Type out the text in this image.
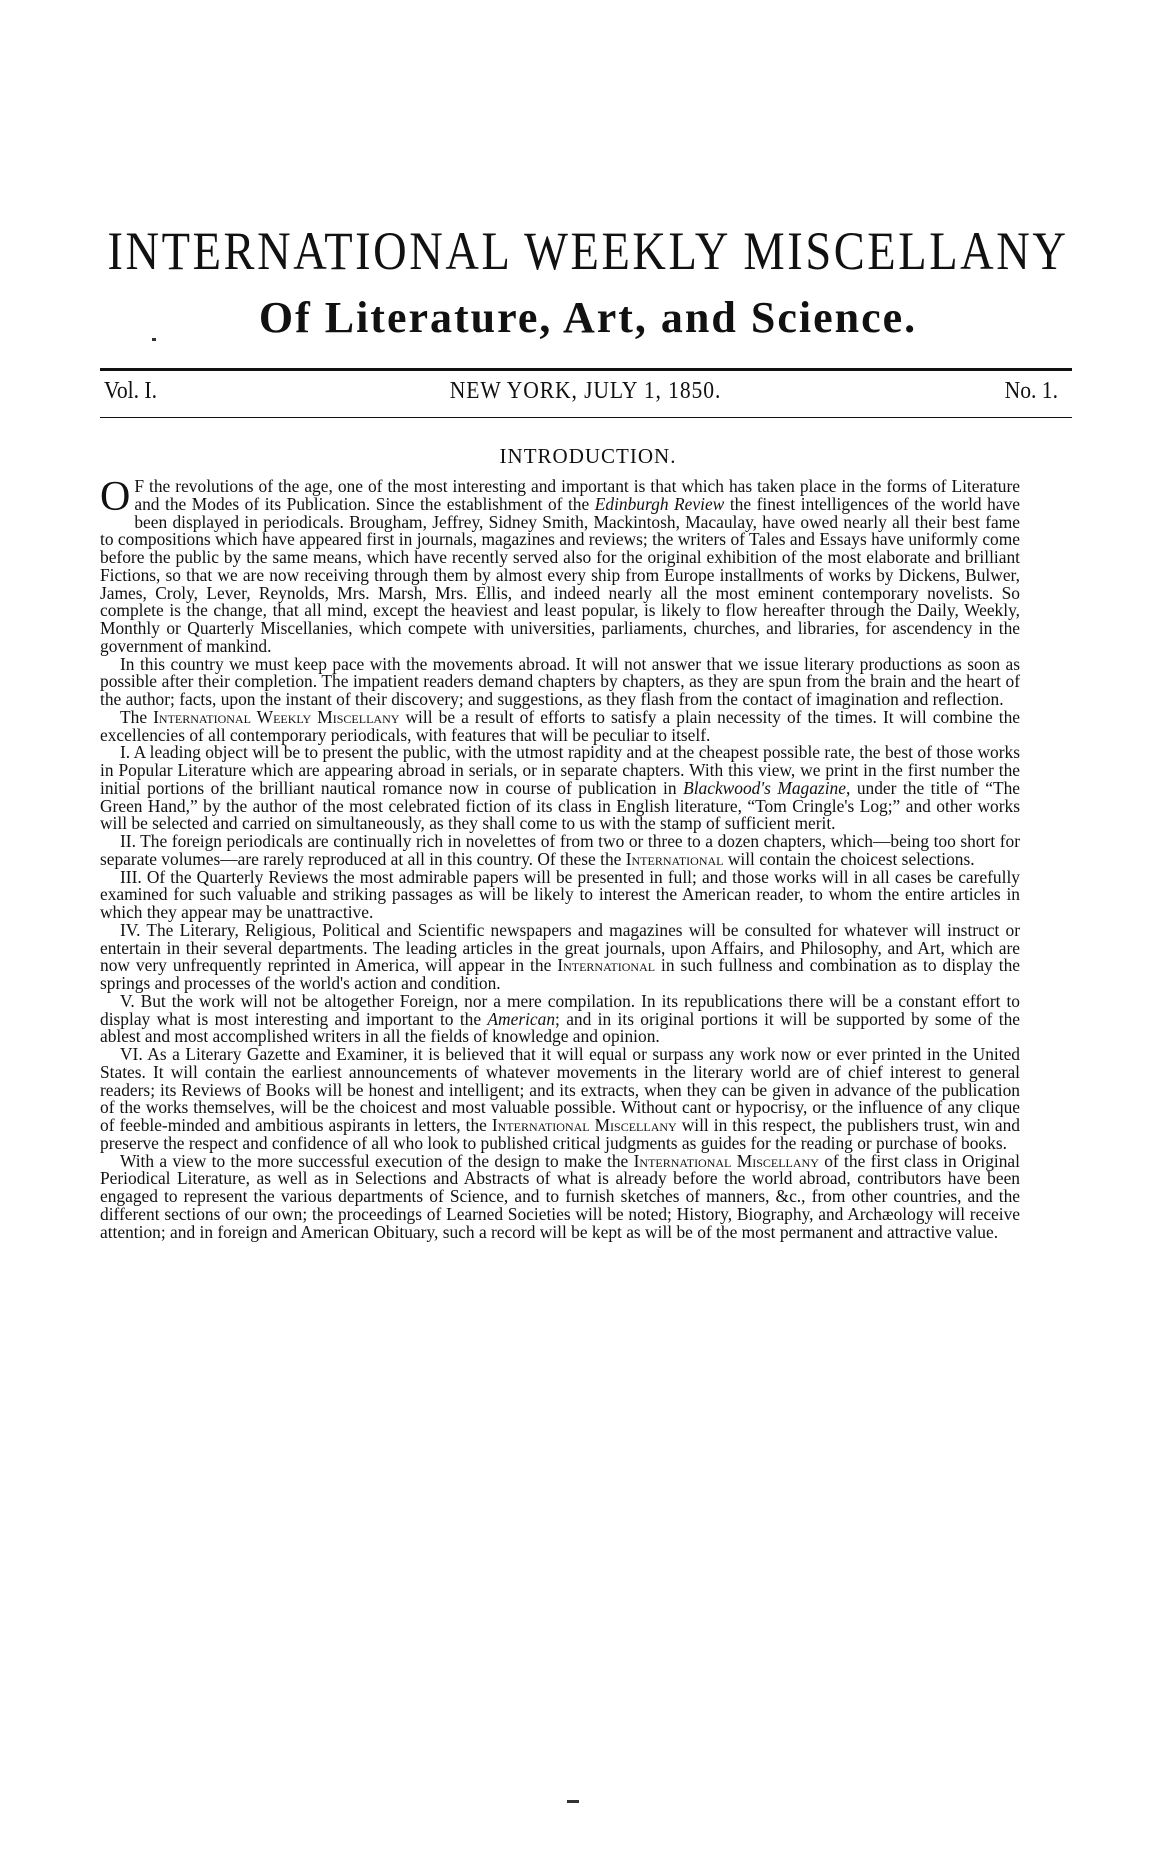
INTERNATIONAL WEEKLY MISCELLANY
Of Literature, Art, and Science.
Vol. I.	NEW YORK, JULY 1, 1850.	No. 1.
INTRODUCTION.

O F the revolutions of the age, one of the most interesting and important is that which has taken place in the forms of Literature and the Modes of its Publication. Since the establishment of the Edinburgh Review the finest intelligences of the world have been displayed in periodicals. Brougham, Jeffrey, Sidney Smith, Mackintosh, Macaulay, have owed nearly all their best fame to compositions which have appeared first in journals, magazines and reviews; the writers of Tales and Essays have uniformly come before the public by the same means, which have recently served also for the original exhibition of the most elaborate and brilliant Fictions, so that we are now receiving through them by almost every ship from Europe installments of works by Dickens, Bulwer, James, Croly, Lever, Reynolds, Mrs. Marsh, Mrs. Ellis, and indeed nearly all the most eminent contemporary novelists. So complete is the change, that all mind, except the heaviest and least popular, is likely to flow hereafter through the Daily, Weekly, Monthly or Quarterly Miscellanies, which compete with universities, parliaments, churches, and libraries, for ascendency in the government of mankind.

In this country we must keep pace with the movements abroad. It will not answer that we issue literary productions as soon as possible after their completion. The impatient readers demand chapters by chapters, as they are spun from the brain and the heart of the author; facts, upon the instant of their discovery; and suggestions, as they flash from the contact of imagination and reflection.

The International Weekly Miscellany will be a result of efforts to satisfy a plain necessity of the times. It will combine the excellencies of all contemporary periodicals, with features that will be peculiar to itself.

I. A leading object will be to present the public, with the utmost rapidity and at the cheapest possible rate, the best of those works in Popular Literature which are appearing abroad in serials, or in separate chapters. With this view, we print in the first number the initial portions of the brilliant nautical romance now in course of publication in Blackwood's Magazine, under the title of “The Green Hand,” by the author of the most celebrated fiction of its class in English literature, “Tom Cringle's Log;” and other works will be selected and carried on simultaneously, as they shall come to us with the stamp of sufficient merit.

II. The foreign periodicals are continually rich in novelettes of from two or three to a dozen chapters, which—being too short for separate volumes—are rarely reproduced at all in this country. Of these the International will contain the choicest selections.

III. Of the Quarterly Reviews the most admirable papers will be presented in full; and those works will in all cases be carefully examined for such valuable and striking passages as will be likely to interest the American reader, to whom the entire articles in which they appear may be unattractive.

IV. The Literary, Religious, Political and Scientific newspapers and magazines will be consulted for whatever will instruct or entertain in their several departments. The leading articles in the great journals, upon Affairs, and Philosophy, and Art, which are now very unfrequently reprinted in America, will appear in the International in such fullness and combination as to display the springs and processes of the world's action and condition.

V. But the work will not be altogether Foreign, nor a mere compilation. In its republications there will be a constant effort to display what is most interesting and important to the American; and in its original portions it will be supported by some of the ablest and most accomplished writers in all the fields of knowledge and opinion.

VI. As a Literary Gazette and Examiner, it is believed that it will equal or surpass any work now or ever printed in the United States. It will contain the earliest announcements of whatever movements in the literary world are of chief interest to general readers; its Reviews of Books will be honest and intelligent; and its extracts, when they can be given in advance of the publication of the works themselves, will be the choicest and most valuable possible. Without cant or hypocrisy, or the influence of any clique of feeble-minded and ambitious aspirants in letters, the International Miscellany will in this respect, the publishers trust, win and preserve the respect and confidence of all who look to published critical judgments as guides for the reading or purchase of books.

With a view to the more successful execution of the design to make the International Miscellany of the first class in Original Periodical Literature, as well as in Selections and Abstracts of what is already before the world abroad, contributors have been engaged to represent the various departments of Science, and to furnish sketches of manners, &c., from other countries, and the different sections of our own; the proceedings of Learned Societies will be noted; History, Biography, and Archæology will receive attention; and in foreign and American Obituary, such a record will be kept as will be of the most permanent and attractive value.
